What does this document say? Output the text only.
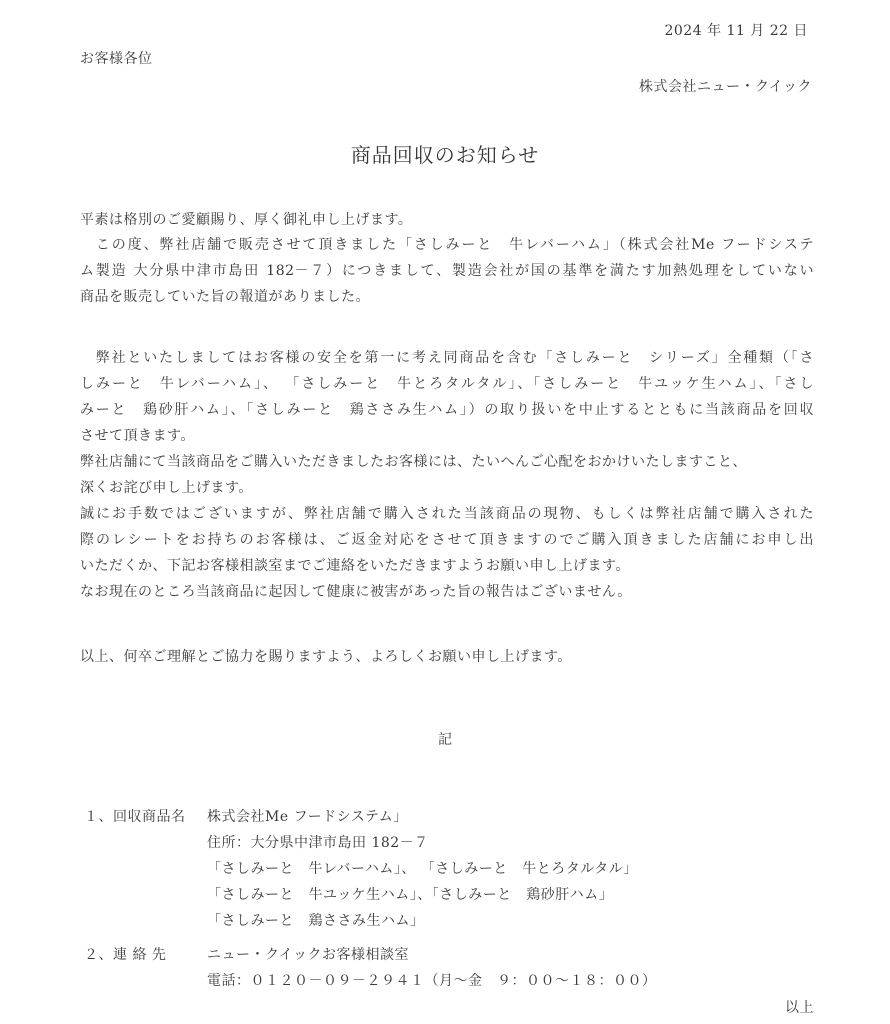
2024 年 11 月 22 日
お客様各位
株式会社ニュー・クイック
商品回収のお知らせ
平素は格別のご愛顧賜り、厚く御礼申し上げます。
　この度、弊社店舗で販売させて頂きました「さしみーと　牛レバーハム」（株式会社Me フードシステ
ム製造 大分県中津市島田 182－７）につきまして、製造会社が国の基準を満たす加熱処理をしていない
商品を販売していた旨の報道がありました。
　弊社といたしましてはお客様の安全を第一に考え同商品を含む「さしみーと　シリーズ」全種類（「さ
しみーと　牛レバーハム」、 「さしみーと　牛とろタルタル」、「さしみーと　牛ユッケ生ハム」、「さし
みーと　鶏砂肝ハム」、「さしみーと　鶏ささみ生ハム」）の取り扱いを中止するとともに当該商品を回収
させて頂きます。
弊社店舗にて当該商品をご購入いただきましたお客様には、たいへんご心配をおかけいたしますこと、
深くお詫び申し上げます。
誠にお手数ではございますが、弊社店舗で購入された当該商品の現物、もしくは弊社店舗で購入された
際のレシートをお持ちのお客様は、ご返金対応をさせて頂きますのでご購入頂きました店舗にお申し出
いただくか、下記お客様相談室までご連絡をいただきますようお願い申し上げます。
なお現在のところ当該商品に起因して健康に被害があった旨の報告はございません。
以上、何卒ご理解とご協力を賜りますよう、よろしくお願い申し上げます。
記
１、回収商品名 株式会社Me フードシステム」
住所：大分県中津市島田 182－７
「さしみーと　牛レバーハム」、 「さしみーと　牛とろタルタル」
「さしみーと　牛ユッケ生ハム」、「さしみーと　鶏砂肝ハム」
「さしみーと　鶏ささみ生ハム」
２、連 絡 先	ニュー・クイックお客様相談室
電話：０１２０－０９－２９４１（月～金　９：００～１８：００）
以上
